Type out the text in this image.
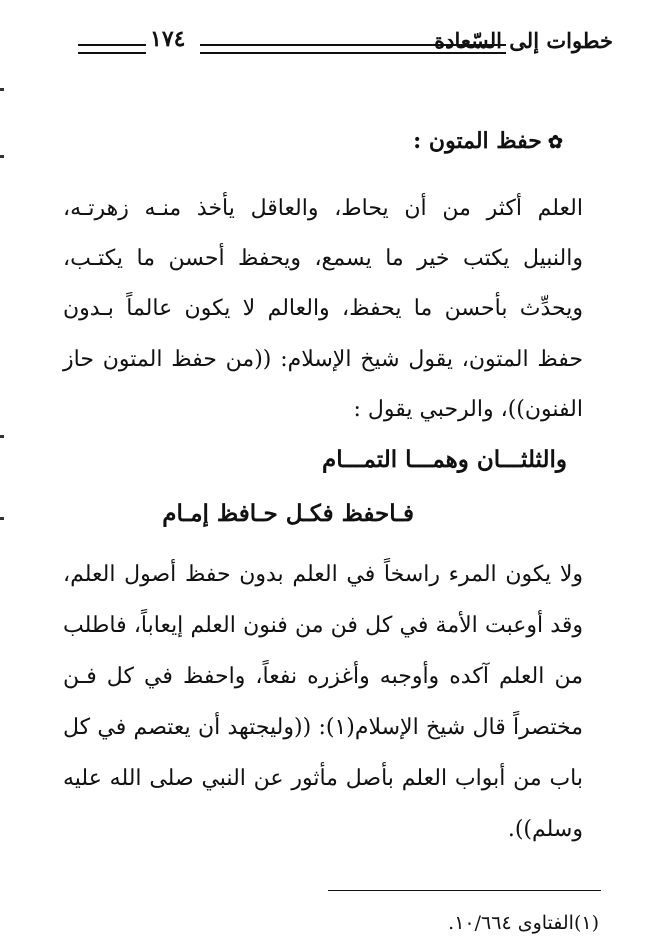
خطوات إلى السّعادة
١٧٤
✿حفظ المتون :
العلم أكثر من أن يحاط، والعاقل يأخذ منـه زهرتـه،
والنبيل يكتب خير ما يسمع، ويحفظ أحسن ما يكتـب،
ويحدِّث بأحسن ما يحفظ، والعالم لا يكون عالماً بـدون
حفظ المتون، يقول شيخ الإسلام: ((من حفظ المتون حاز
الفنون))، والرحبي يقول :
والثلثـــان وهمـــا التمـــام
فـاحفظ فكـل حـافظ إمـام
ولا يكون المرء راسخاً في العلم بدون حفظ أصول العلم،
وقد أوعبت الأمة في كل فن من فنون العلم إيعاباً، فاطلب
من العلم آكده وأوجبه وأغزره نفعاً، واحفظ في كل فـن
مختصراً قال شيخ الإسلام(١): ((وليجتهد أن يعتصم في كل
باب من أبواب العلم بأصل مأثور عن النبي صلى الله عليه
وسلم)).
(١)الفتاوى ١٠/٦٦٤.
